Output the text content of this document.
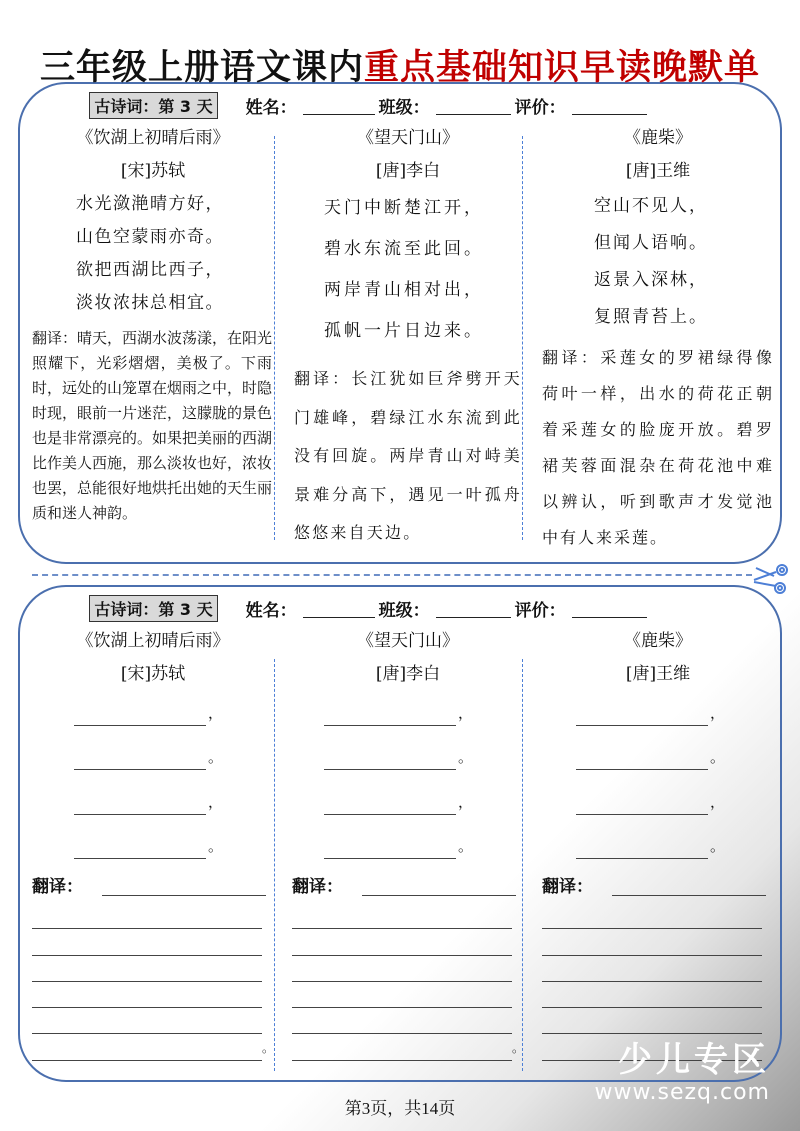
三年级上册语文课内重点基础知识早读晚默单
古诗词：第 3 天 姓名：	班级：	评价：
《饮湖上初晴后雨》
[宋]苏轼
水光潋滟晴方好，
山色空蒙雨亦奇。
欲把西湖比西子，
淡妆浓抹总相宜。
翻译：晴天，西湖水波荡漾，在阳光照耀下，光彩熠熠，美极了。下雨时，远处的山笼罩在烟雨之中，时隐时现，眼前一片迷茫，这朦胧的景色也是非常漂亮的。如果把美丽的西湖比作美人西施，那么淡妆也好，浓妆也罢，总能很好地烘托出她的天生丽质和迷人神韵。
《望天门山》
[唐]李白
天门中断楚江开，
碧水东流至此回。
两岸青山相对出，
孤帆一片日边来。
翻译：长江犹如巨斧劈开天门雄峰，碧绿江水东流到此没有回旋。两岸青山对峙美景难分高下，遇见一叶孤舟悠悠来自天边。
《鹿柴》
[唐]王维
空山不见人，
但闻人语响。
返景入深林，
复照青苔上。
翻译：采莲女的罗裙绿得像荷叶一样，出水的荷花正朝着采莲女的脸庞开放。碧罗裙芙蓉面混杂在荷花池中难以辨认，听到歌声才发觉池中有人来采莲。
古诗词：第 3 天 姓名：	班级：	评价：
《饮湖上初晴后雨》
[宋]苏轼
，
。
，
。
翻译：
。
《望天门山》
[唐]李白
，
。
，
。
翻译：
。
《鹿柴》
[唐]王维
，
。
，
。
翻译：
第3页，共14页
少儿专区
www.sezq.com
